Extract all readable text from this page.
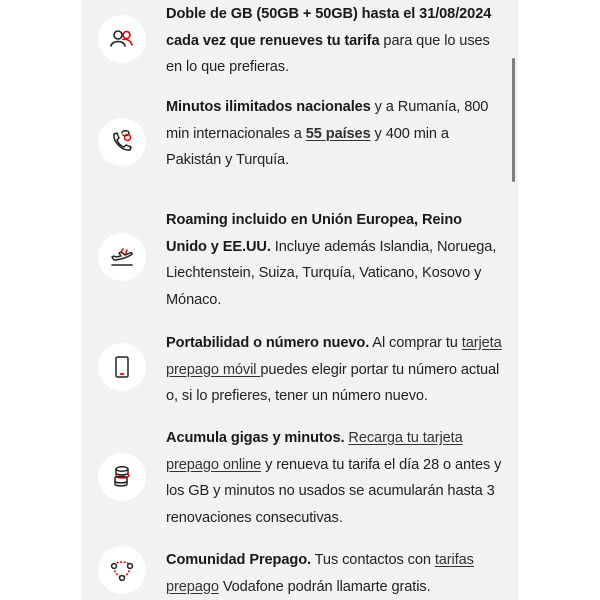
Doble de GB (50GB + 50GB) hasta el 31/08/2024 cada vez que renueves tu tarifa para que lo uses en lo que prefieras.
Minutos ilimitados nacionales y a Rumanía, 800 min internacionales a 55 países y 400 min a Pakistán y Turquía.
Roaming incluido en Unión Europea, Reino Unido y EE.UU. Incluye además Islandia, Noruega, Liechtenstein, Suiza, Turquía, Vaticano, Kosovo y Mónaco.
Portabilidad o número nuevo. Al comprar tu tarjeta prepago móvil puedes elegir portar tu número actual o, si lo prefieres, tener un número nuevo.
Acumula gigas y minutos. Recarga tu tarjeta prepago online y renueva tu tarifa el día 28 o antes y los GB y minutos no usados se acumularán hasta 3 renovaciones consecutivas.
Comunidad Prepago. Tus contactos con tarifas prepago Vodafone podrán llamarte gratis.
